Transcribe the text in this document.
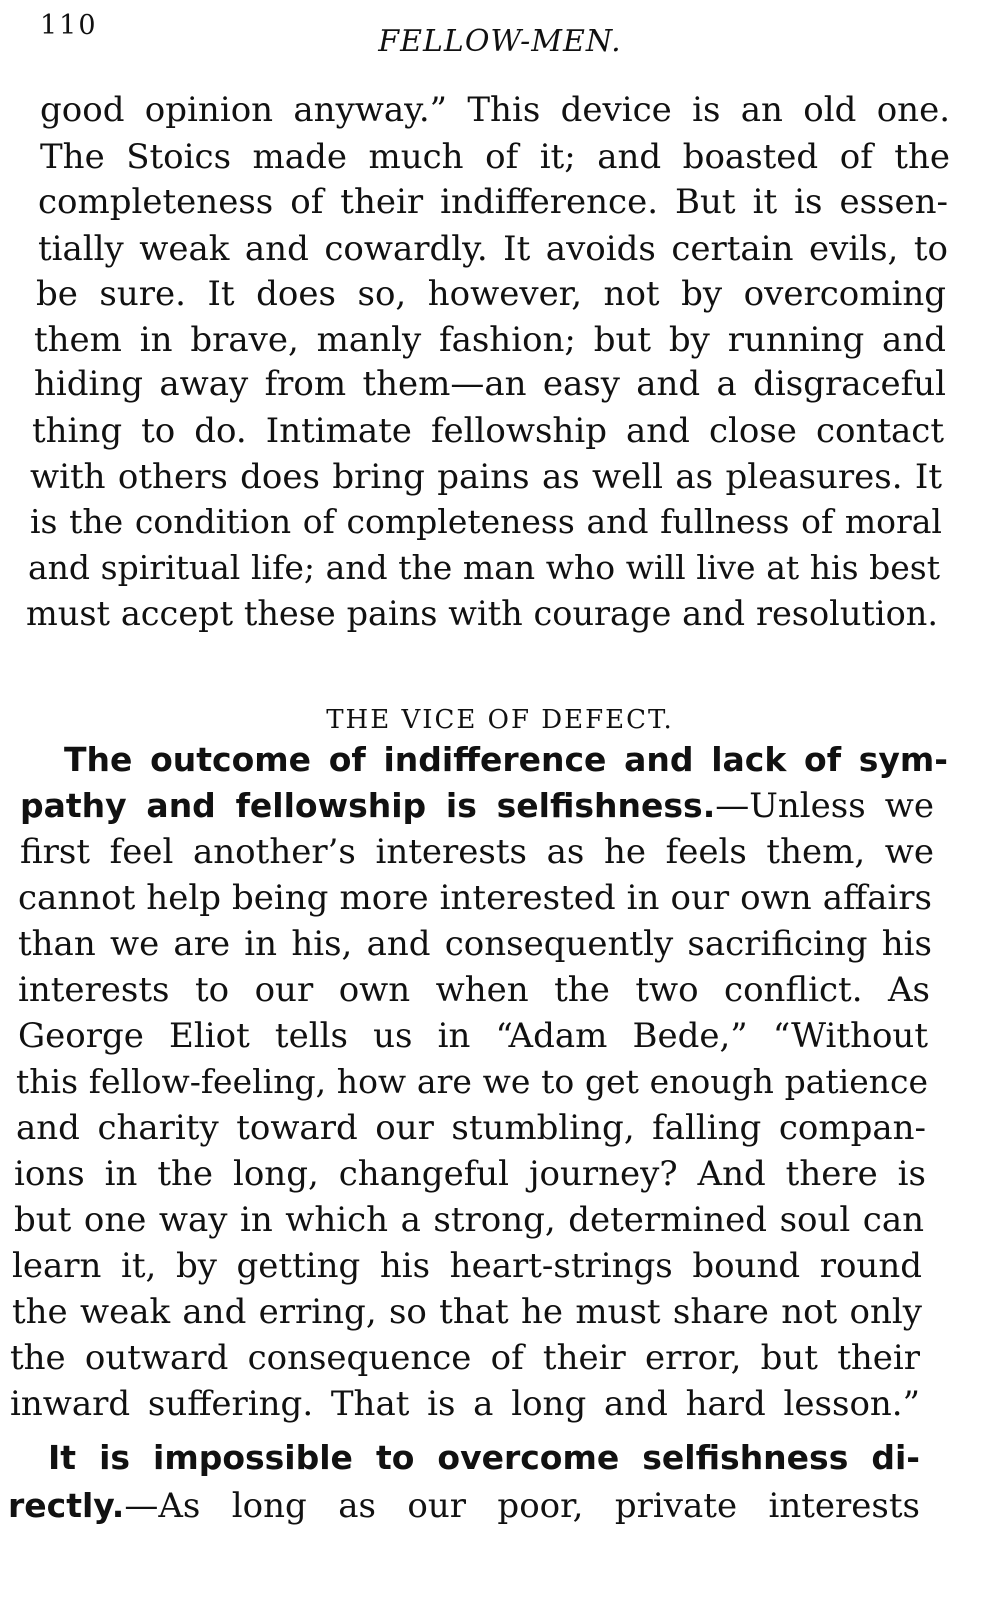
110	FELLOW-MEN.
good opinion anyway.” This device is an old one.
The Stoics made much of it; and boasted of the
completeness of their indifference. But it is essen-
tially weak and cowardly. It avoids certain evils, to
be sure. It does so, however, not by overcoming
them in brave, manly fashion; but by running and
hiding away from them—an easy and a disgraceful
thing to do. Intimate fellowship and close contact
with others does bring pains as well as pleasures. It
is the condition of completeness and fullness of moral
and spiritual life; and the man who will live at his best
must accept these pains with courage and resolution.
THE VICE OF DEFECT.
The outcome of indifference and lack of sym-
pathy and fellowship is selfishness.—Unless we
first feel another’s interests as he feels them, we
cannot help being more interested in our own affairs
than we are in his, and consequently sacrificing his
interests to our own when the two conflict. As
George Eliot tells us in “Adam Bede,” “Without
this fellow-feeling, how are we to get enough patience
and charity toward our stumbling, falling compan-
ions in the long, changeful journey? And there is
but one way in which a strong, determined soul can
learn it, by getting his heart-strings bound round
the weak and erring, so that he must share not only
the outward consequence of their error, but their
inward suffering. That is a long and hard lesson.”
It is impossible to overcome selfishness di-
rectly.—As long as our poor, private interests
